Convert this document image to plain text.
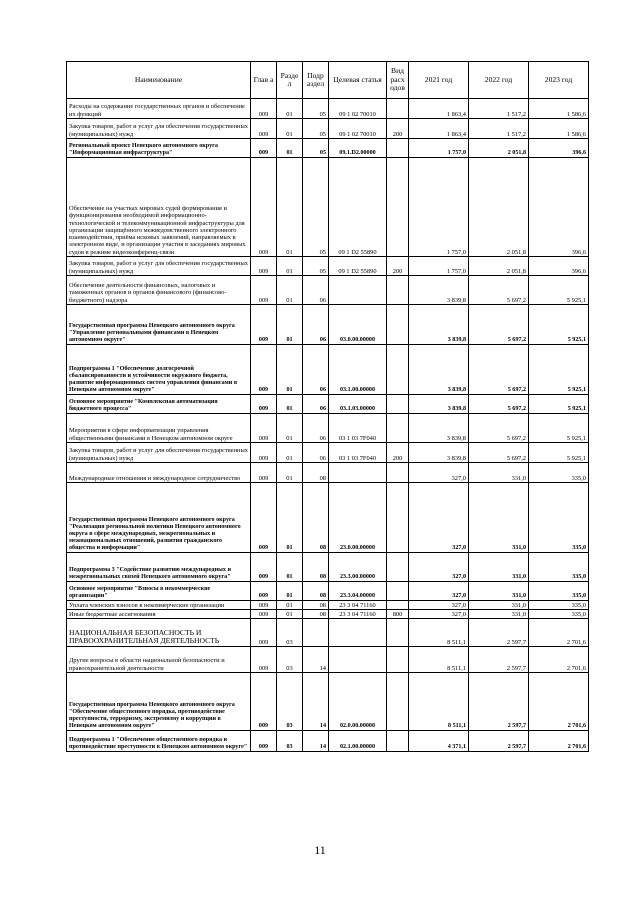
Наименование	Глав а	Разде л	Подр аздел	Целевая статья	Вид расх одов	2021 год	2022 год	2023 год
Расходы на содержание государственных органов и обеспечение их функций	009	01	05	09 1 02 70010		1 863,4	1 517,2	1 586,6
Закупка товаров, работ и услуг для обеспечения государственных (муниципальных) нужд	009	01	05	09 1 02 70010	200	1 863,4	1 517,2	1 586,6
Региональный проект Ненецкого автономного округа "Информационная инфраструктура"	009	01	05	09.1.D2.00000		1 757,0	2 051,8	396,6
Обеспечение на участках мировых судей формирования и функционирования необходимой информационно-технологической и телекоммуникационной инфраструктуры для организации защищённого межведомственного электронного взаимодействия, приёма исковых заявлений, направляемых в электронном виде, и организации участия в заседаниях мировых судов в режиме видеоконференц-связи	009	01	05	09 1 D2 55890		1 757,0	2 051,8	396,6
Закупка товаров, работ и услуг для обеспечения государственных (муниципальных) нужд	009	01	05	09 1 D2 55890	200	1 757,0	2 051,8	396,6
Обеспечение деятельности финансовых, налоговых и таможенных органов и органов финансового (финансово-бюджетного) надзора	009	01	06			3 839,8	5 697,2	5 925,1
Государственная программа Ненецкого автономного округа "Управление региональными финансами в Ненецком автономном округе"	009	01	06	03.0.00.00000		3 839,8	5 697,2	5 925,1
Подпрограмма 1 "Обеспечение долгосрочной сбалансированности и устойчивости окружного бюджета, развитие информационных систем управления финансами в Ненецком автономном округе"	009	01	06	03.1.00.00000		3 839,8	5 697,2	5 925,1
Основное мероприятие "Комплексная автоматизация бюджетного процесса"	009	01	06	03.1.03.00000		3 839,8	5 697,2	5 925,1
Мероприятия в сфере информатизации управления общественными финансами в Ненецком автономном округе	009	01	06	03 1 03 7F040		3 839,8	5 697,2	5 925,1
Закупка товаров, работ и услуг для обеспечения государственных (муниципальных) нужд	009	01	06	03 1 03 7F040	200	3 839,8	5 697,2	5 925,1
Международные отношения и международное сотрудничество	009	01	08			327,0	331,0	335,0
Государственная программа Ненецкого автономного округа "Реализация региональной политики Ненецкого автономного округа в сфере международных, межрегиональных и межнациональных отношений, развития гражданского общества и информации"	009	01	08	23.0.00.00000		327,0	331,0	335,0
Подпрограмма 3 "Содействие развитию международных и межрегиональных связей Ненецкого автономного округа"	009	01	08	23.3.00.00000		327,0	331,0	335,0
Основное мероприятие "Взносы в некоммерческие организации"	009	01	08	23.3.04.00000		327,0	331,0	335,0
Уплата членских взносов в некоммерческие организации	009	01	08	23 3 04 71160		327,0	331,0	335,0
Иные бюджетные ассигнования	009	01	08	23 3 04 71160	800	327,0	331,0	335,0
НАЦИОНАЛЬНАЯ БЕЗОПАСНОСТЬ И ПРАВООХРАНИТЕЛЬНАЯ ДЕЯТЕЛЬНОСТЬ	009	03				8 511,1	2 597,7	2 701,6
Другие вопросы в области национальной безопасности и правоохранительной деятельности	009	03	14			8 511,1	2 597,7	2 701,6
Государственная программа Ненецкого автономного округа "Обеспечение общественного порядка, противодействие преступности, терроризму, экстремизму и коррупции в Ненецком автономном округе"	009	03	14	02.0.00.00000		8 511,1	2 597,7	2 701,6
Подпрограмма 1 "Обеспечение общественного порядка и противодействие преступности в Ненецком автономном округе"	009	03	14	02.1.00.00000		4 371,1	2 597,7	2 701,6
11
